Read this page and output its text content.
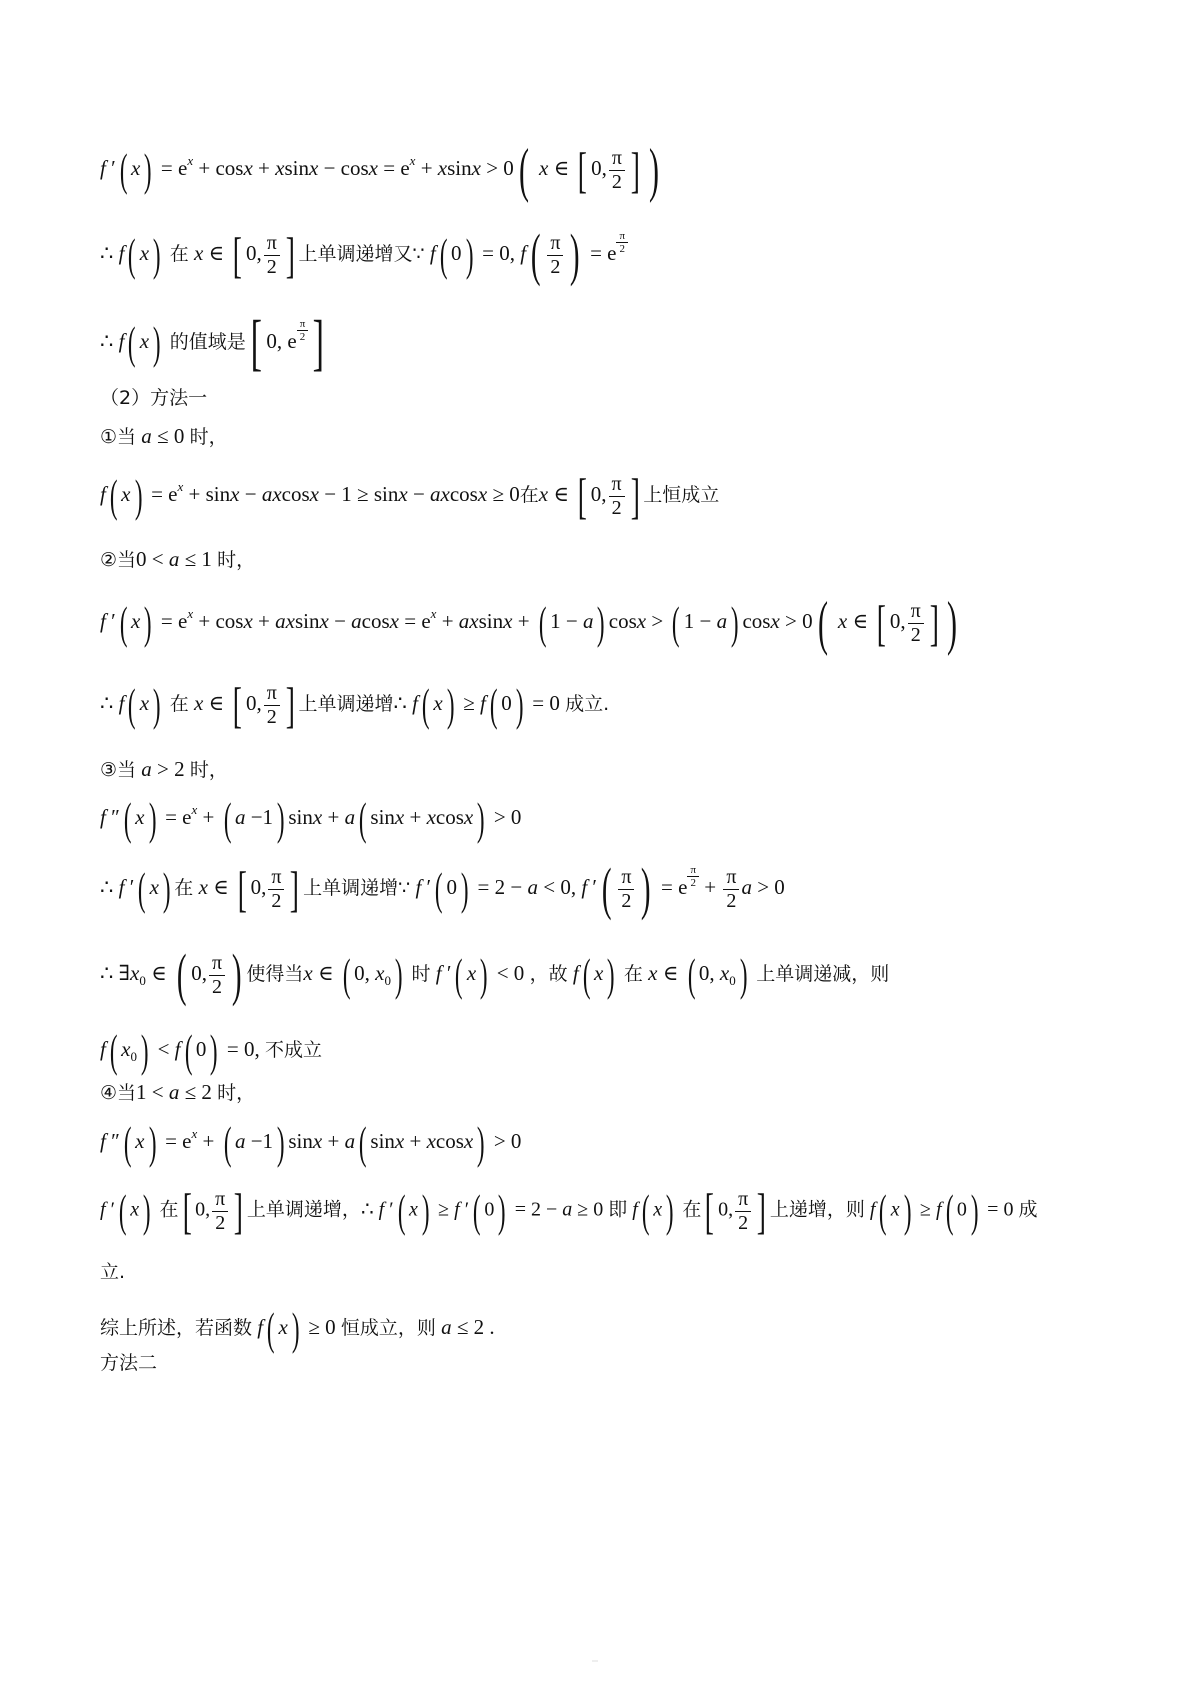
f ′( $x) = e^x + \cos x + xsinx - \cos x = e^x + xsinx > 0$( x ∈ [ 0, $\frac{\pi}{2}$ ] )
∴ f( x) 在 x ∈ [ 0, $\frac{\pi}{2}$ ] 上单调递增又∵ f( 0) = 0, $f( \frac{\pi}{2}$ ) = e $^{\frac{\pi}{2}}$
∴ f( x) 的值域是[ 0, e $^{\frac{\pi}{2}}$ ]
（2）方法一
①当 a ≤ 0 时，
f( $x) = e^x + \sin x - axcosx - 1 \ge \sin x - axcosx \ge 0$在x ∈ [ 0, $\frac{\pi}{2}$ ] 上恒成立
②当0 < a ≤ 1 时，
f ′( $x) = e^x + \cos x + axsinx - acosx = e^x + axsinx$ + ( 1 − a) cosx > ( 1 − a) cosx > 0( x ∈ [ 0, $\frac{\pi}{2}$ ] )
∴ f( x) 在 x ∈ [ 0, $\frac{\pi}{2}$ ] 上单调递增∴ f( x) ≥ f( 0) = 0 成立.
③当 a > 2 时，
f ″( $x) = e^x$ + ( a −1) sinx + a( sinx + xcosx) > 0
∴ f ′( x) 在 x ∈ [ 0, $\frac{\pi}{2}$ ] 上单调递增∵ f ′( 0) = 2 − a < 0, f ′( $\frac{\pi}{2}$ ) = e $^{\frac{\pi}{2}} + \frac{\pi}{2}$ a > 0
∴ $\exists x_0$ ∈ ( 0, $\frac{\pi}{2}$ ) 使得当x ∈ ( 0, $x_0$) 时 f ′( x) < 0 ，故 f( x) 在 x ∈ ( 0, $x_0$) 上单调递减，则
f( $x_0) < f$( 0) = 0, 不成立
④当1 < a ≤ 2 时，
f ″( $x) = e^x$ + ( a −1) sinx + a( sinx + xcosx) > 0
f ′( x) 在[ 0, $\frac{\pi}{2}$ ] 上单调递增，∴ f ′( x) ≥ f ′( 0) = 2 − a ≥ 0 即 f( x) 在[ 0, $\frac{\pi}{2}$ ] 上递增，则 f( x) ≥ f( 0) = 0 成
立.
综上所述，若函数 f( x) ≥ 0 恒成立，则 a ≤ 2 .
方法二
